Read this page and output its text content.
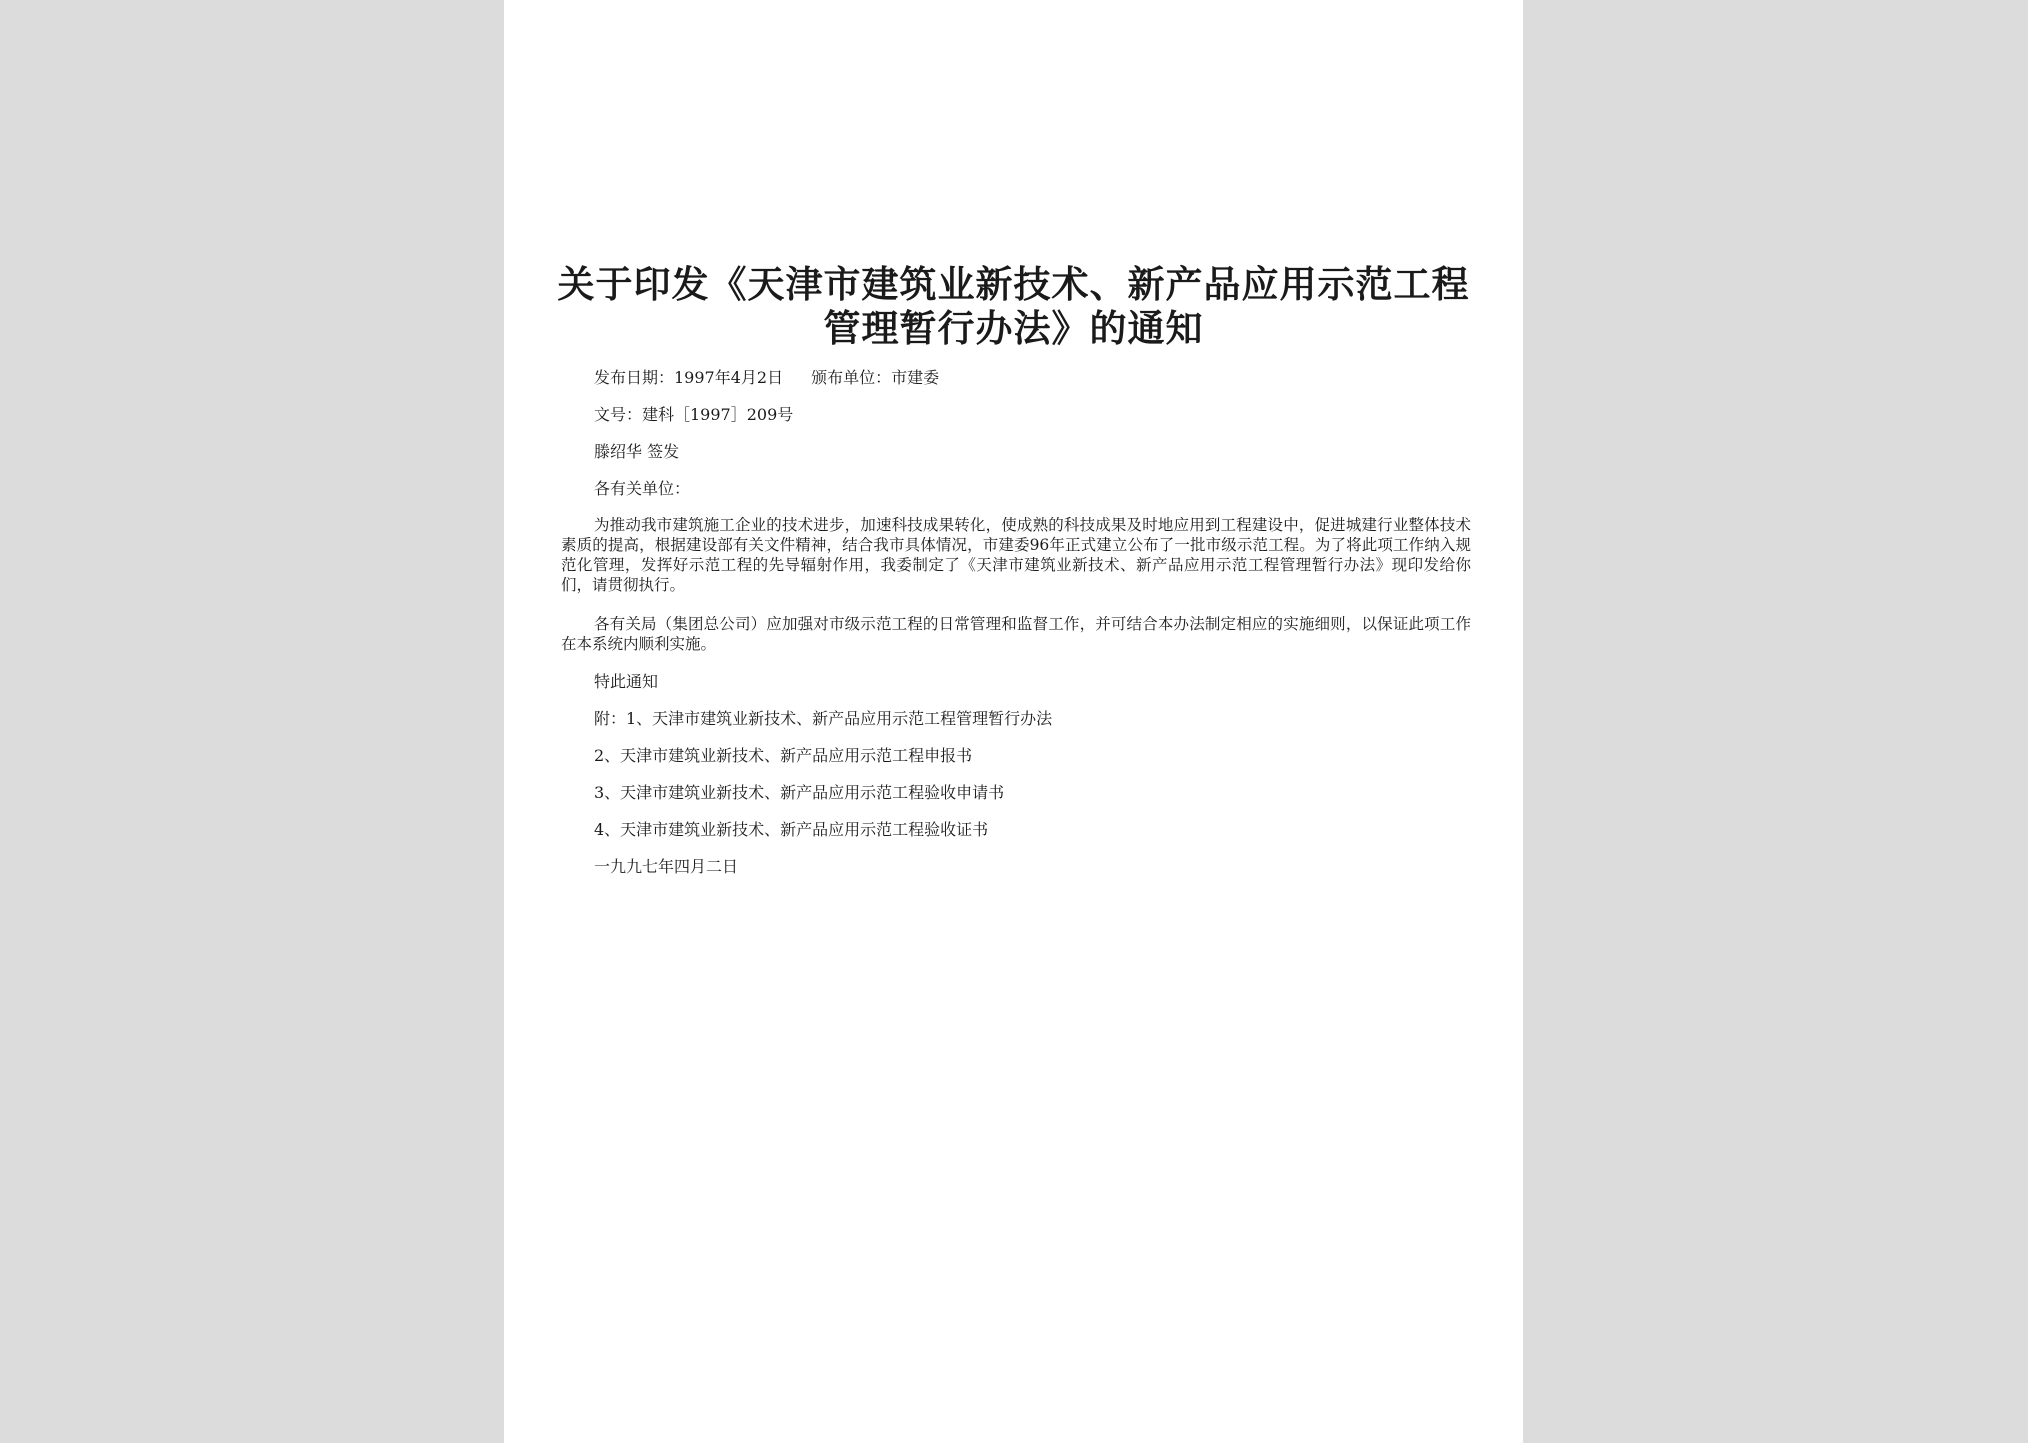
关于印发《天津市建筑业新技术、新产品应用示范工程
管理暂行办法》的通知

发布日期：1997年4月2日 颁布单位：市建委

文号：建科［1997］209号

滕绍华 签发

各有关单位：

为推动我市建筑施工企业的技术进步，加速科技成果转化，使成熟的科技成果及时地应用到工程建设中，促进城建行业整体技术素质的提高，根据建设部有关文件精神，结合我市具体情况，市建委96年正式建立公布了一批市级示范工程。为了将此项工作纳入规范化管理，发挥好示范工程的先导辐射作用，我委制定了《天津市建筑业新技术、新产品应用示范工程管理暂行办法》现印发给你们，请贯彻执行。

各有关局（集团总公司）应加强对市级示范工程的日常管理和监督工作，并可结合本办法制定相应的实施细则，以保证此项工作在本系统内顺利实施。

特此通知

附：1、天津市建筑业新技术、新产品应用示范工程管理暂行办法

2、天津市建筑业新技术、新产品应用示范工程申报书

3、天津市建筑业新技术、新产品应用示范工程验收申请书

4、天津市建筑业新技术、新产品应用示范工程验收证书

一九九七年四月二日
